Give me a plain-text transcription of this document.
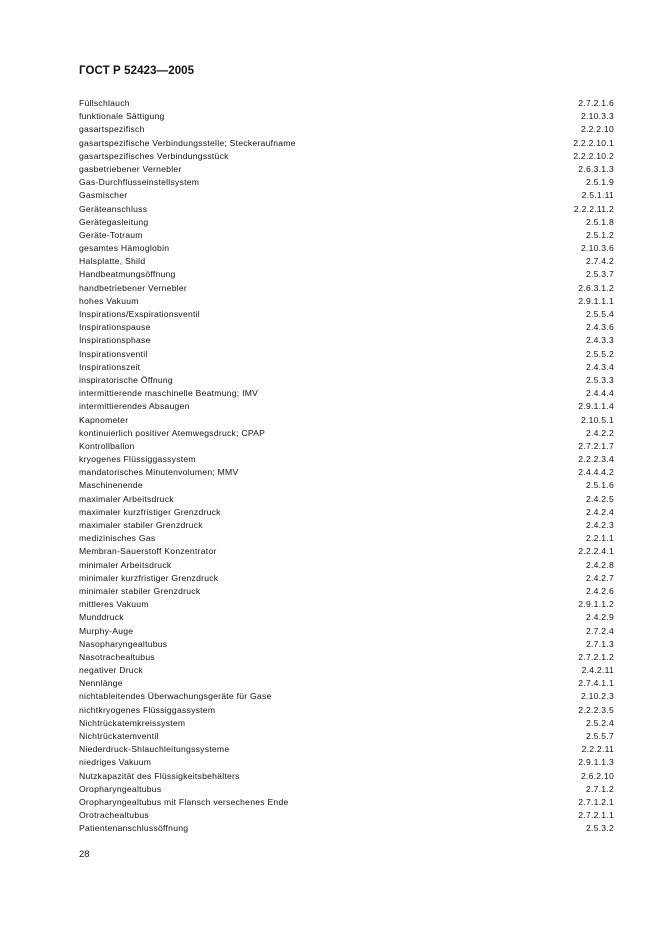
ГОСТ Р 52423—2005
Füllschlauch	2.7.2.1.6
funktionale Sättigung	2.10.3.3
gasartspezifisch	2.2.2.10
gasartspezifische Verbindungsstelle; Steckeraufname	2.2.2.10.1
gasartspezifisches Verbindungsstück	2.2.2.10.2
gasbetriebener Vernebler	2.6.3.1.3
Gas-Durchflusseinstellsystem	2.5.1.9
Gasmischer	2.5.1.11
Geräteanschluss	2.2.2.11.2
Gerätegasleitung	2.5.1.8
Geräte-Totraum	2.5.1.2
gesamtes Hämoglobin	2.10.3.6
Halsplatte, Shild	2.7.4.2
Handbeatmungsöffnung	2.5.3.7
handbetriebener Vernebler	2.6.3.1.2
hohes Vakuum	2.9.1.1.1
Inspirations/Exspirationsventil	2.5.5.4
Inspirationspause	2.4.3.6
Inspirationsphase	2.4.3.3
Inspirationsventil	2.5.5.2
Inspirationszeit	2.4.3.4
inspiratorische Öffnung	2.5.3.3
intermittierende maschinelle Beatmung; IMV	2.4.4.4
intermittierendes Absaugen	2.9.1.1.4
Kapnometer	2.10.5.1
kontinuierlich positiver Atemwegsdruck; CPAP	2.4.2.2
Kontrollballon	2.7.2.1.7
kryogenes Flüssiggassystem	2.2.2.3.4
mandatorisches Minutenvolumen; MMV	2.4.4.4.2
Maschinenende	2.5.1.6
maximaler Arbeitsdruck	2.4.2.5
maximaler kurzfristiger Grenzdruck	2.4.2.4
maximaler stabiler Grenzdruck	2.4.2.3
medizinisches Gas	2.2.1.1
Membran-Sauerstoff Konzentrator	2.2.2.4.1
minimaler Arbeitsdruck	2.4.2.8
minimaler kurzfristiger Grenzdruck	2.4.2.7
minimaler stabiler Grenzdruck	2.4.2.6
mittleres Vakuum	2.9.1.1.2
Munddruck	2.4.2.9
Murphy-Auge	2.7.2.4
Nasopharyngealtubus	2.7.1.3
Nasotrachealtubus	2.7.2.1.2
negativer Druck	2.4.2.11
Nennlänge	2.7.4.1.1
nichtableitendes Überwachungsgeräte für Gase	2.10.2.3
nichtkryogenes Flüssiggassystem	2.2.2.3.5
Nichtrückatemkreissystem	2.5.2.4
Nichtrückatemventil	2.5.5.7
Niederdruck-Shlauchleitungssysteme	2.2.2.11
niedriges Vakuum	2.9.1.1.3
Nutzkapazität des Flüssigkeitsbehälters	2.6.2.10
Oropharyngealtubus	2.7.1.2
Oropharyngealtubus mit Flansch versechenes Ende	2.7.1.2.1
Orotrachealtubus	2.7.2.1.1
Patientenanschlussöffnung	2.5.3.2
28
